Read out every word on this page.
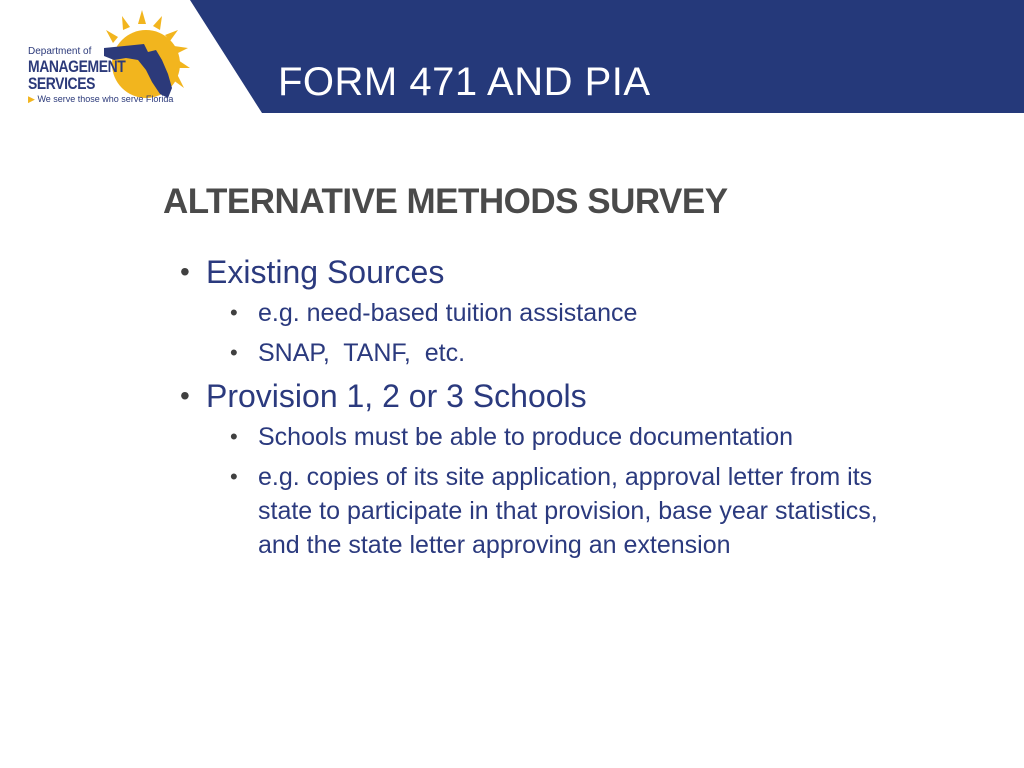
FORM 471 AND PIA
Department of
MANAGEMENT
SERVICES
▶ We serve those who serve Florida
ALTERNATIVE METHODS SURVEY
• Existing Sources
• e.g. need-based tuition assistance
• SNAP,  TANF,  etc.
• Provision 1, 2 or 3 Schools
• Schools must be able to produce documentation
• e.g. copies of its site application, approval letter from its state to participate in that provision, base year statistics, and the state letter approving an extension
